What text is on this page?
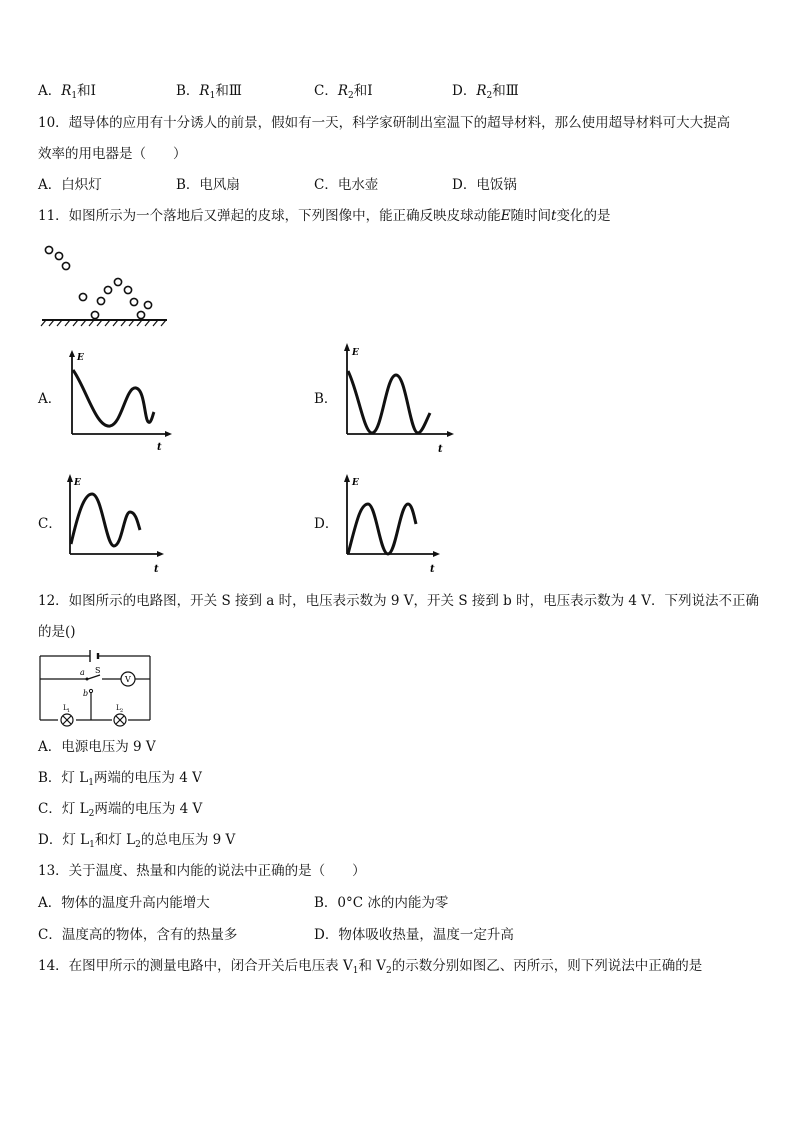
A．$R_1$和Ⅰ	B．$R_1$和Ⅲ	C．$R_2$和Ⅰ	D．$R_2$和Ⅲ
10．超导体的应用有十分诱人的前景，假如有一天，科学家研制出室温下的超导材料，那么使用超导材料可大大提高
效率的用电器是（　　）
A．白炽灯	B．电风扇	C．电水壶	D．电饭锅
11．如图所示为一个落地后又弹起的皮球，下列图像中，能正确反映皮球动能E随时间t变化的是
A．
E
t
B．
E
t
C．
E
t
D．
E
t
12．如图所示的电路图，开关 S 接到 a 时，电压表示数为 9 V，开关 S 接到 b 时，电压表示数为 4 V．下列说法不正确
的是()
a S
b
V
L 1	L 2
A．电源电压为 9 V
B．灯 $L_1$两端的电压为 4 V
C．灯 $L_2$两端的电压为 4 V
D．灯 $L_1$和灯 $L_2$的总电压为 9 V
13．关于温度、热量和内能的说法中正确的是（　　）
A．物体的温度升高内能增大	B．0°C 冰的内能为零
C．温度高的物体，含有的热量多	D．物体吸收热量，温度一定升高
14．在图甲所示的测量电路中，闭合开关后电压表 $V_1$和 $V_2$的示数分别如图乙、丙所示，则下列说法中正确的是
